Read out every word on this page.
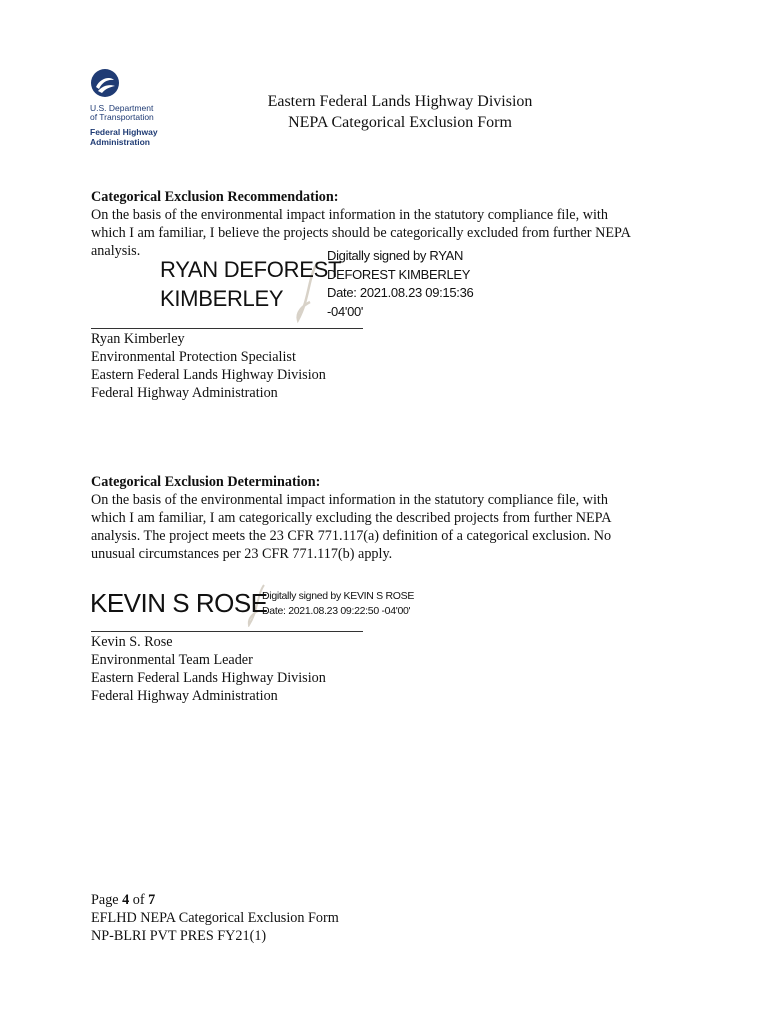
U.S. Department
of Transportation
Federal Highway
Administration
Eastern Federal Lands Highway Division
NEPA Categorical Exclusion Form
Categorical Exclusion Recommendation:
On the basis of the environmental impact information in the statutory compliance file, with
which I am familiar, I believe the projects should be categorically excluded from further NEPA
analysis.
RYAN DEFOREST
KIMBERLEY
Digitally signed by RYAN
DEFOREST KIMBERLEY
Date: 2021.08.23 09:15:36
-04'00'
Ryan Kimberley
Environmental Protection Specialist
Eastern Federal Lands Highway Division
Federal Highway Administration
Categorical Exclusion Determination:
On the basis of the environmental impact information in the statutory compliance file, with
which I am familiar, I am categorically excluding the described projects from further NEPA
analysis. The project meets the 23 CFR 771.117(a) definition of a categorical exclusion. No
unusual circumstances per 23 CFR 771.117(b) apply.
KEVIN S ROSE
Digitally signed by KEVIN S ROSE
Date: 2021.08.23 09:22:50 -04'00'
Kevin S. Rose
Environmental Team Leader
Eastern Federal Lands Highway Division
Federal Highway Administration
Page 4 of 7
EFLHD NEPA Categorical Exclusion Form
NP-BLRI PVT PRES FY21(1)
